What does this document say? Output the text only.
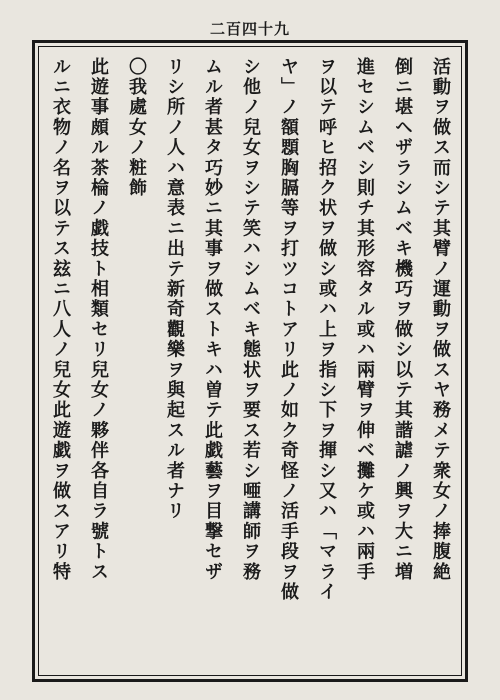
二百四十九
活動ヲ做ス而シテ其臂ノ運動ヲ做スヤ務メテ衆女ノ捧腹絶
倒ニ堪ヘザラシムベキ機巧ヲ做シ以テ其諧謔ノ興ヲ大ニ増
進セシムベシ則チ其形容タル或ハ兩臂ヲ伸ベ攤ケ或ハ兩手
ヲ以テ呼ヒ招ク状ヲ做シ或ハ上ヲ指シ下ヲ揮シ又ハ「マライ
ヤ」ノ額顋胸膈等ヲ打ツコトアリ此ノ如ク奇怪ノ活手段ヲ做
シ他ノ兒女ヲシテ笑ハシムベキ態状ヲ要ス若シ唖講師ヲ務
ムル者甚タ巧妙ニ其事ヲ做ストキハ曽テ此戯藝ヲ目撃セザ
リシ所ノ人ハ意表ニ出テ新奇觀樂ヲ與起スル者ナリ
〇我處女ノ粧飾
此遊事頗ル茶棆ノ戯技ト相類セリ兒女ノ夥伴各自ラ號トス
ルニ衣物ノ名ヲ以テス玆ニ八人ノ兒女此遊戯ヲ做スアリ特
